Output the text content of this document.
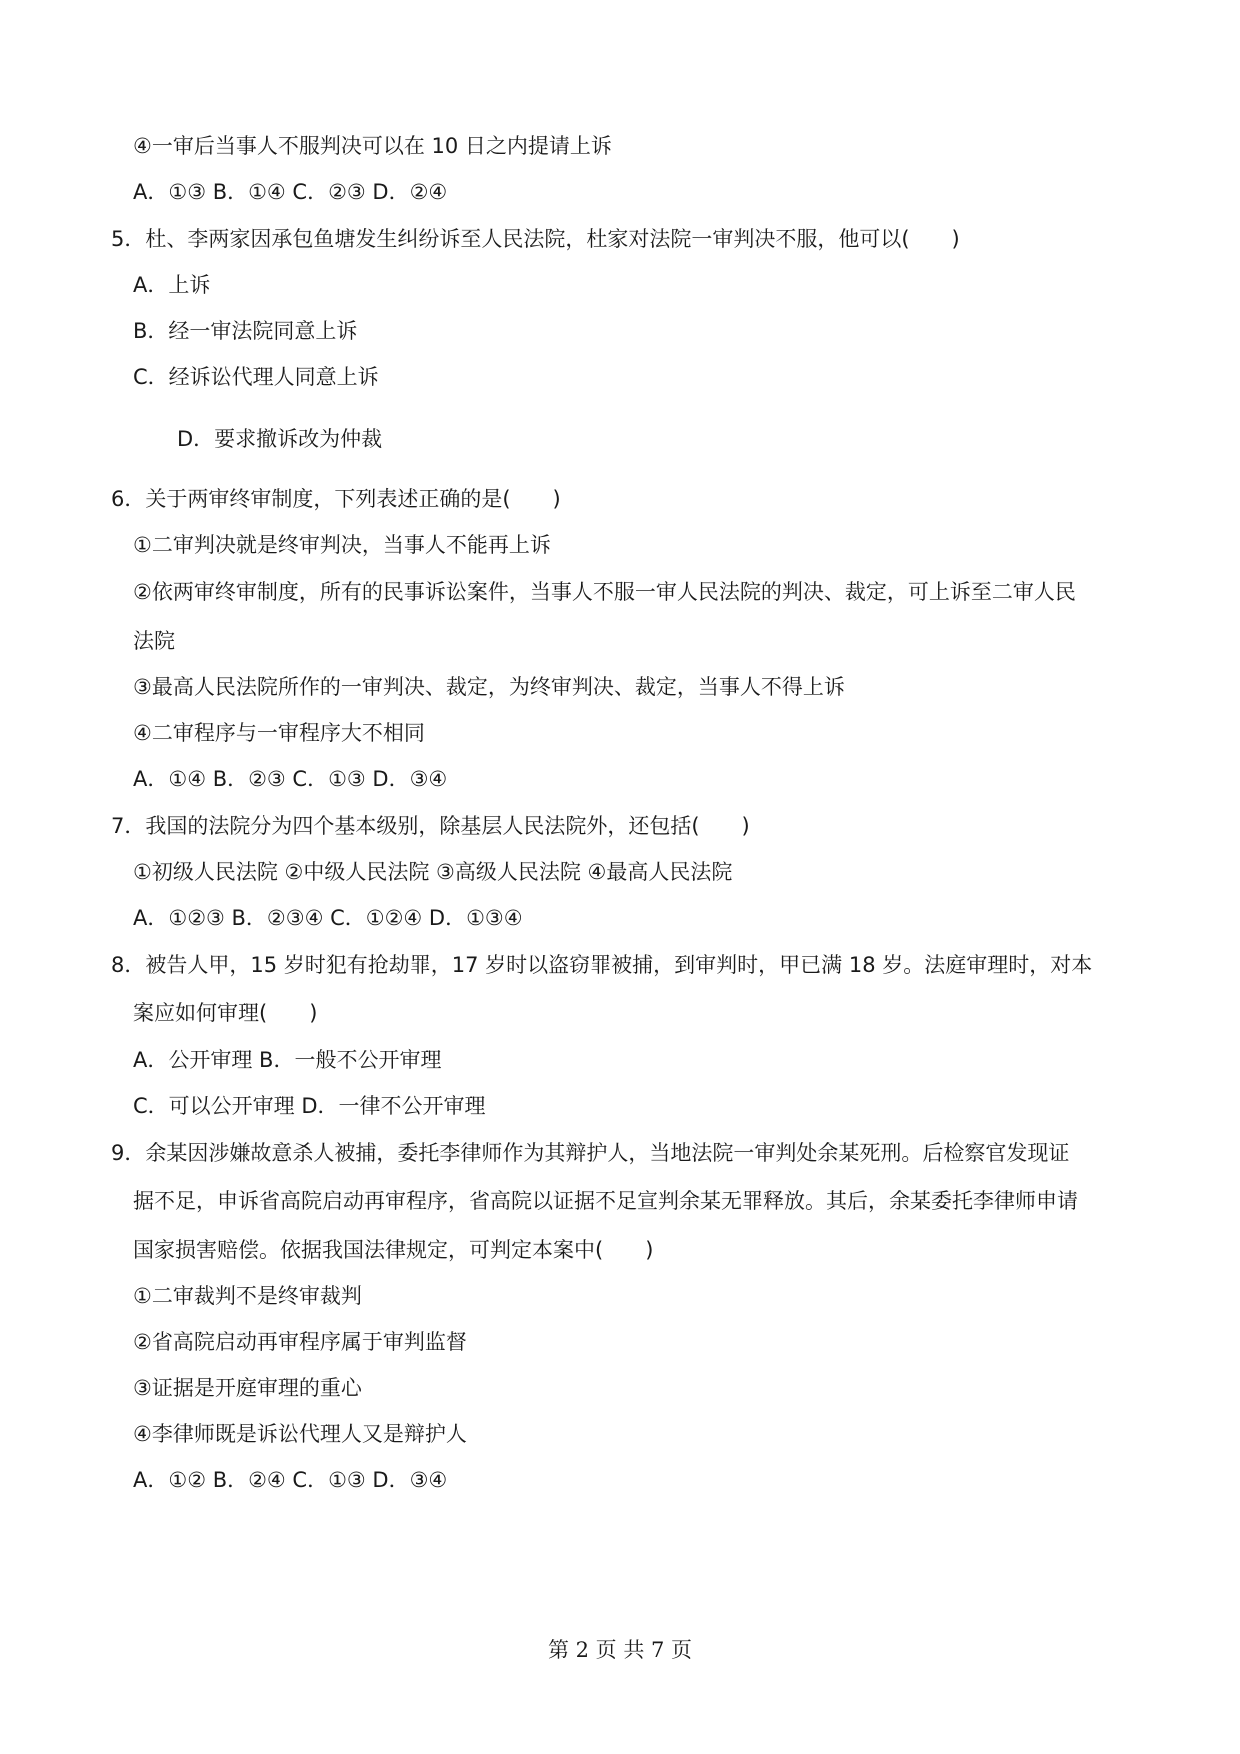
④一审后当事人不服判决可以在 10 日之内提请上诉
A．①③ B．①④ C．②③ D．②④
5．杜、李两家因承包鱼塘发生纠纷诉至人民法院，杜家对法院一审判决不服，他可以(　　)
A．上诉
B．经一审法院同意上诉
C．经诉讼代理人同意上诉
D．要求撤诉改为仲裁
6．关于两审终审制度，下列表述正确的是(　　)
①二审判决就是终审判决，当事人不能再上诉
②依两审终审制度，所有的民事诉讼案件，当事人不服一审人民法院的判决、裁定，可上诉至二审人民
法院
③最高人民法院所作的一审判决、裁定，为终审判决、裁定，当事人不得上诉
④二审程序与一审程序大不相同
A．①④ B．②③ C．①③ D．③④
7．我国的法院分为四个基本级别，除基层人民法院外，还包括(　　)
①初级人民法院 ②中级人民法院 ③高级人民法院 ④最高人民法院
A．①②③ B．②③④ C．①②④ D．①③④
8．被告人甲，15 岁时犯有抢劫罪，17 岁时以盗窃罪被捕，到审判时，甲已满 18 岁。法庭审理时，对本
案应如何审理(　　)
A．公开审理 B．一般不公开审理
C．可以公开审理 D．一律不公开审理
9．余某因涉嫌故意杀人被捕，委托李律师作为其辩护人，当地法院一审判处余某死刑。后检察官发现证
据不足，申诉省高院启动再审程序，省高院以证据不足宣判余某无罪释放。其后，余某委托李律师申请
国家损害赔偿。依据我国法律规定，可判定本案中(　　)
①二审裁判不是终审裁判
②省高院启动再审程序属于审判监督
③证据是开庭审理的重心
④李律师既是诉讼代理人又是辩护人
A．①② B．②④ C．①③ D．③④
第 2 页 共 7 页
